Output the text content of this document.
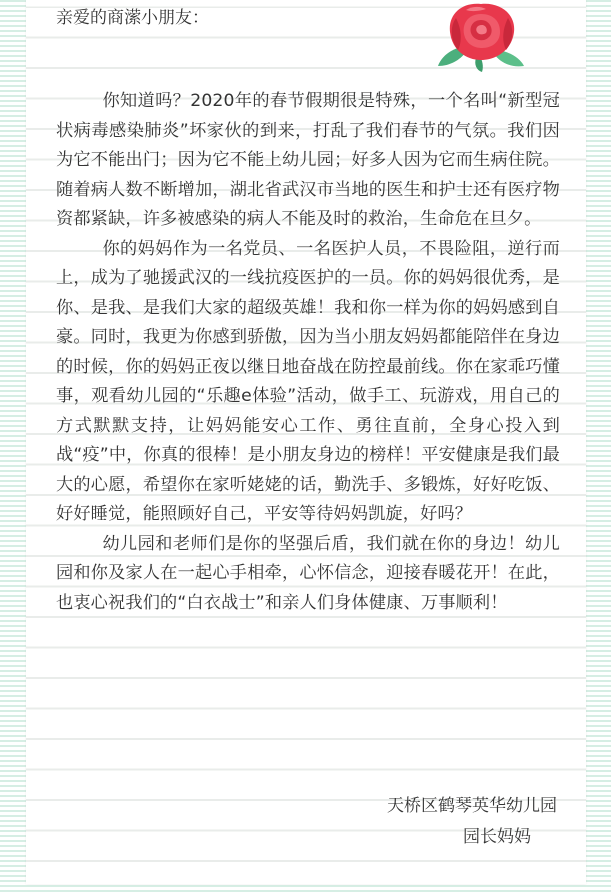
亲爱的商潆小朋友：

你知道吗？2020年的春节假期很是特殊，一个名叫“新型冠状病毒感染肺炎”坏家伙的到来，打乱了我们春节的气氛。我们因为它不能出门；因为它不能上幼儿园；好多人因为它而生病住院。随着病人数不断增加，湖北省武汉市当地的医生和护士还有医疗物资都紧缺，许多被感染的病人不能及时的救治，生命危在旦夕。

你的妈妈作为一名党员、一名医护人员，不畏险阻，逆行而上，成为了驰援武汉的一线抗疫医护的一员。你的妈妈很优秀，是你、是我、是我们大家的超级英雄！我和你一样为你的妈妈感到自豪。同时，我更为你感到骄傲，因为当小朋友妈妈都能陪伴在身边的时候，你的妈妈正夜以继日地奋战在防控最前线。你在家乖巧懂事，观看幼儿园的“乐趣e体验”活动，做手工、玩游戏，用自己的方式默默支持，让妈妈能安心工作、勇往直前，全身心投入到战“疫”中，你真的很棒！是小朋友身边的榜样！平安健康是我们最大的心愿，希望你在家听姥姥的话，勤洗手、多锻炼，好好吃饭、好好睡觉，能照顾好自己，平安等待妈妈凯旋，好吗？

幼儿园和老师们是你的坚强后盾，我们就在你的身边！幼儿园和你及家人在一起心手相牵，心怀信念，迎接春暖花开！在此，也衷心祝我们的“白衣战士”和亲人们身体健康、万事顺利！

天桥区鹤琴英华幼儿园
园长妈妈
